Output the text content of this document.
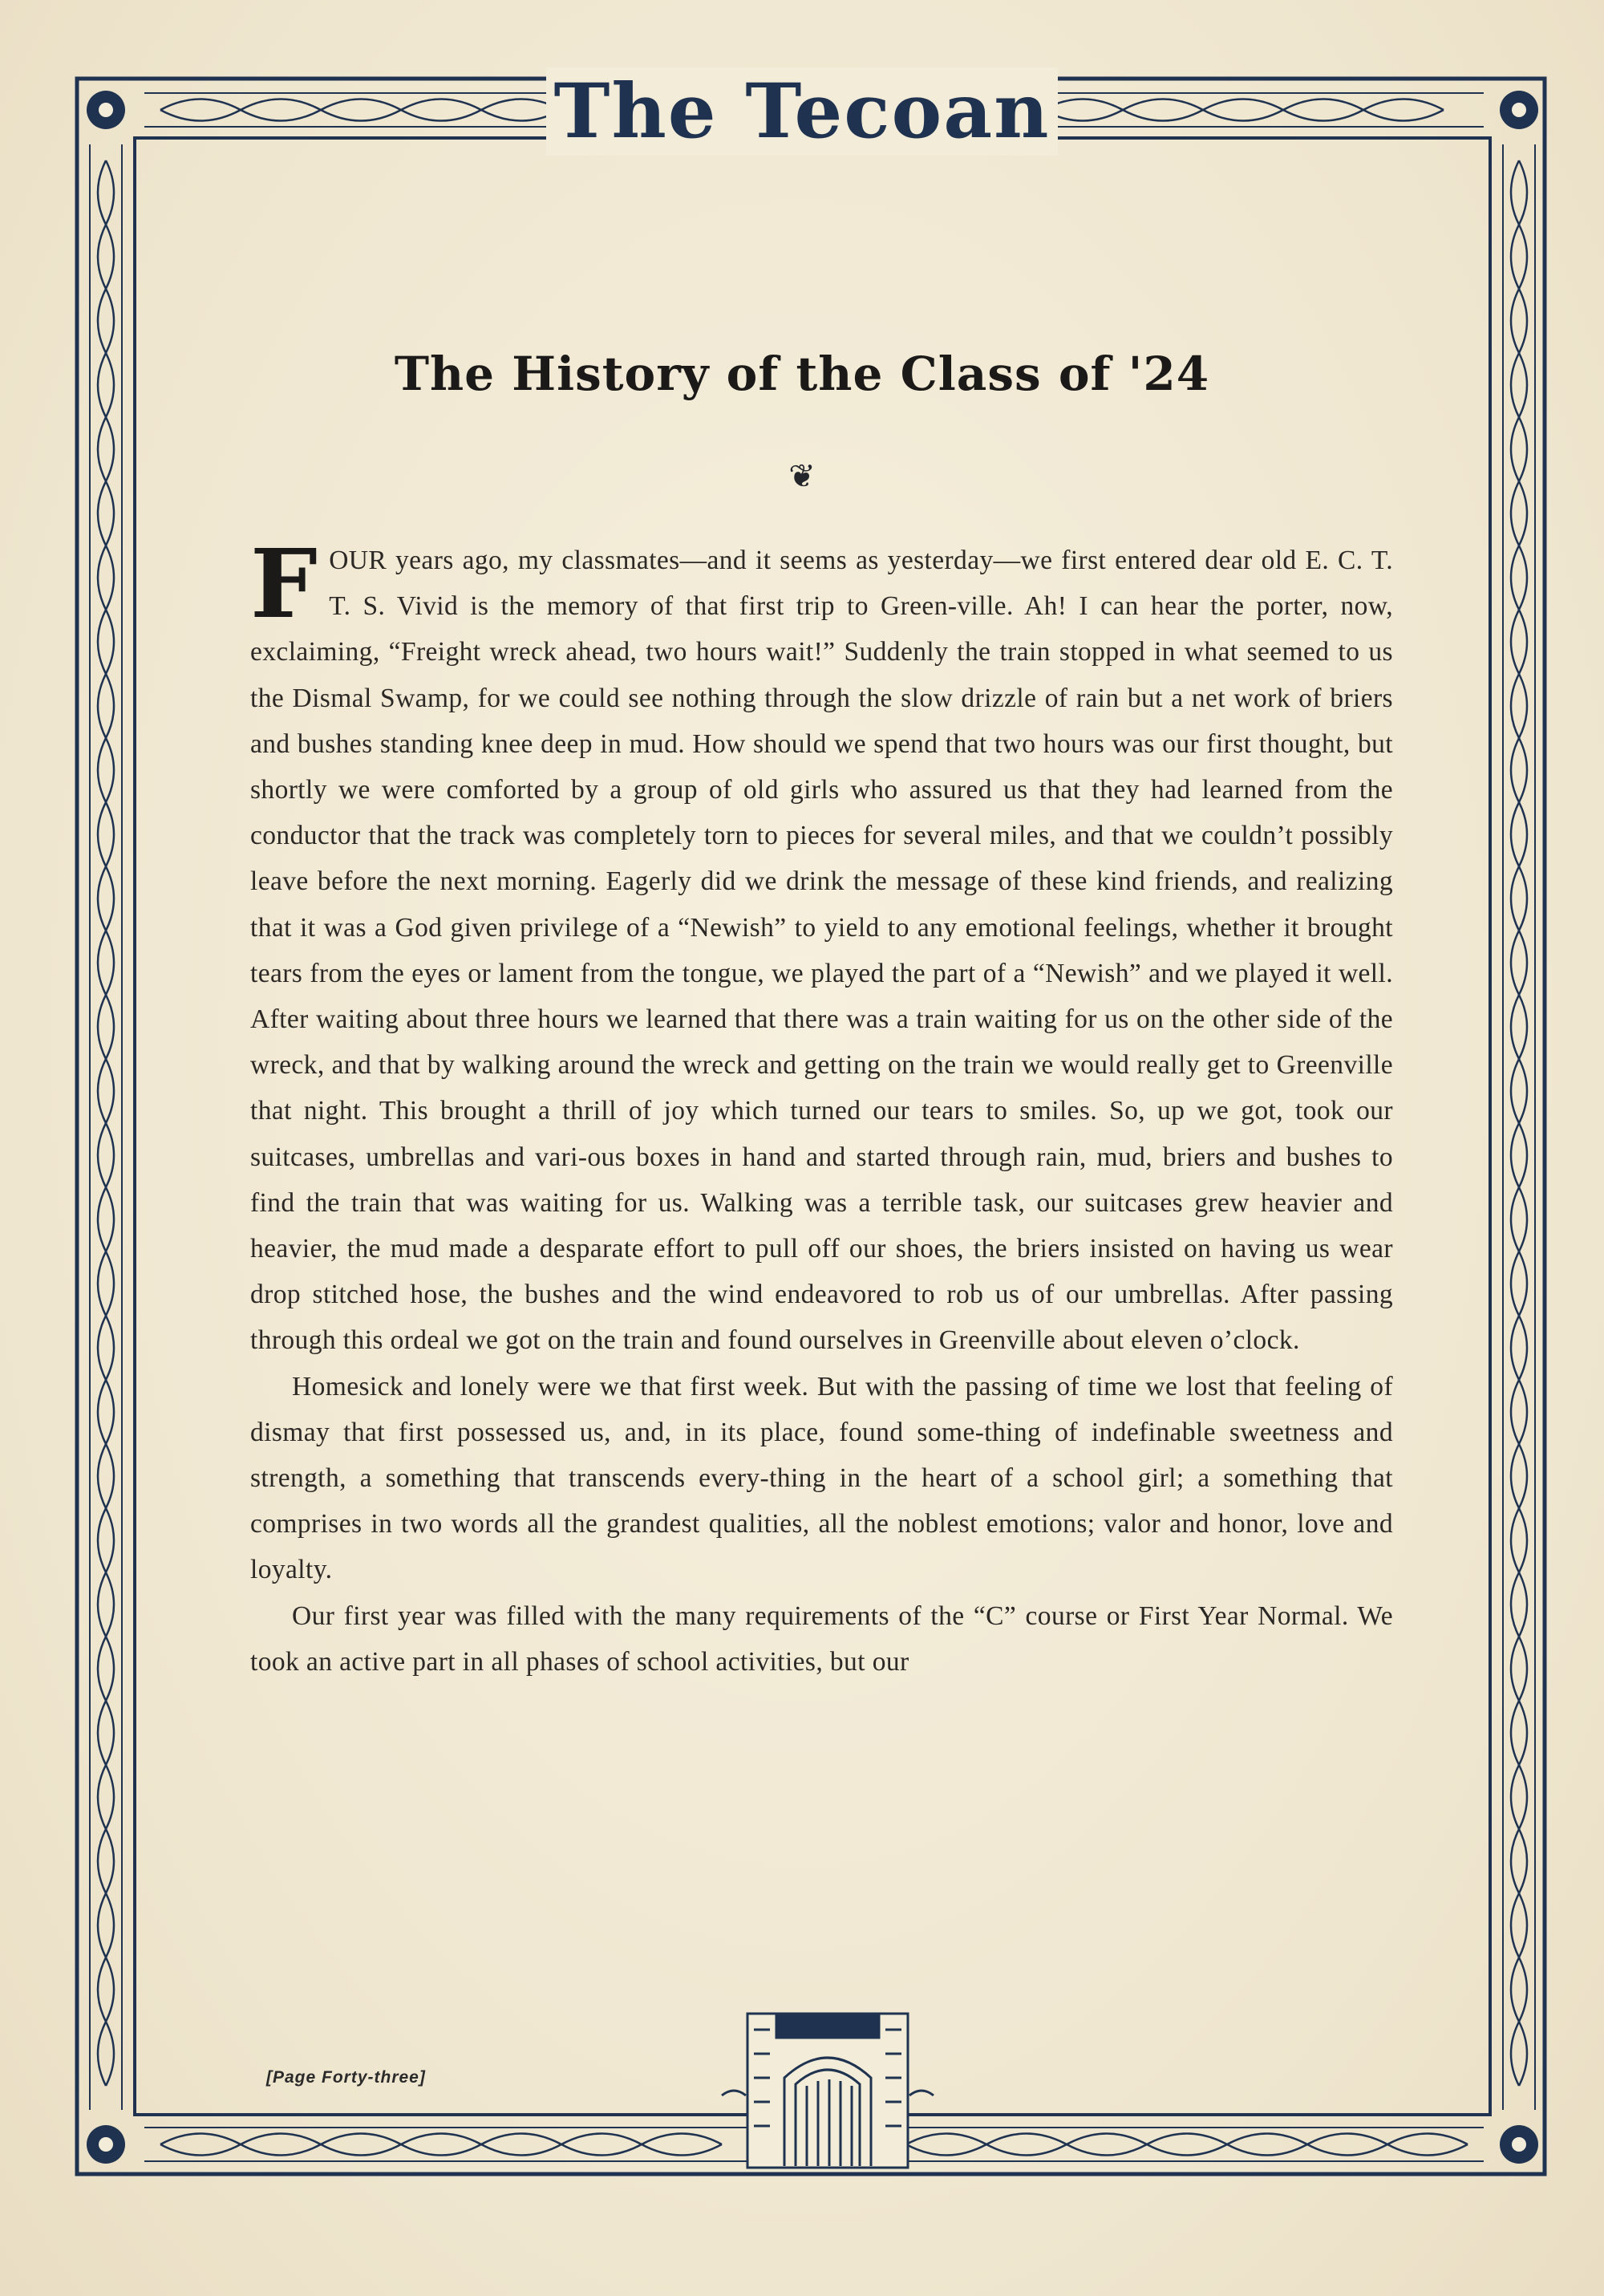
The Tecoan
The History of the Class of '24
❦

FOUR years ago, my classmates—and it seems as yesterday—we first entered dear old E. C. T. T. S. Vivid is the memory of that first trip to Green-ville. Ah! I can hear the porter, now, exclaiming, “Freight wreck ahead, two hours wait!” Suddenly the train stopped in what seemed to us the Dismal Swamp, for we could see nothing through the slow drizzle of rain but a net work of briers and bushes standing knee deep in mud. How should we spend that two hours was our first thought, but shortly we were comforted by a group of old girls who assured us that they had learned from the conductor that the track was completely torn to pieces for several miles, and that we couldn’t possibly leave before the next morning. Eagerly did we drink the message of these kind friends, and realizing that it was a God given privilege of a “Newish” to yield to any emotional feelings, whether it brought tears from the eyes or lament from the tongue, we played the part of a “Newish” and we played it well. After waiting about three hours we learned that there was a train waiting for us on the other side of the wreck, and that by walking around the wreck and getting on the train we would really get to Greenville that night. This brought a thrill of joy which turned our tears to smiles. So, up we got, took our suitcases, umbrellas and vari-ous boxes in hand and started through rain, mud, briers and bushes to find the train that was waiting for us. Walking was a terrible task, our suitcases grew heavier and heavier, the mud made a desparate effort to pull off our shoes, the briers insisted on having us wear drop stitched hose, the bushes and the wind endeavored to rob us of our umbrellas. After passing through this ordeal we got on the train and found ourselves in Greenville about eleven o’clock.

Homesick and lonely were we that first week. But with the passing of time we lost that feeling of dismay that first possessed us, and, in its place, found some-thing of indefinable sweetness and strength, a something that transcends every-thing in the heart of a school girl; a something that comprises in two words all the grandest qualities, all the noblest emotions; valor and honor, love and loyalty.

Our first year was filled with the many requirements of the “C” course or First Year Normal. We took an active part in all phases of school activities, but our

[Page Forty-three]
